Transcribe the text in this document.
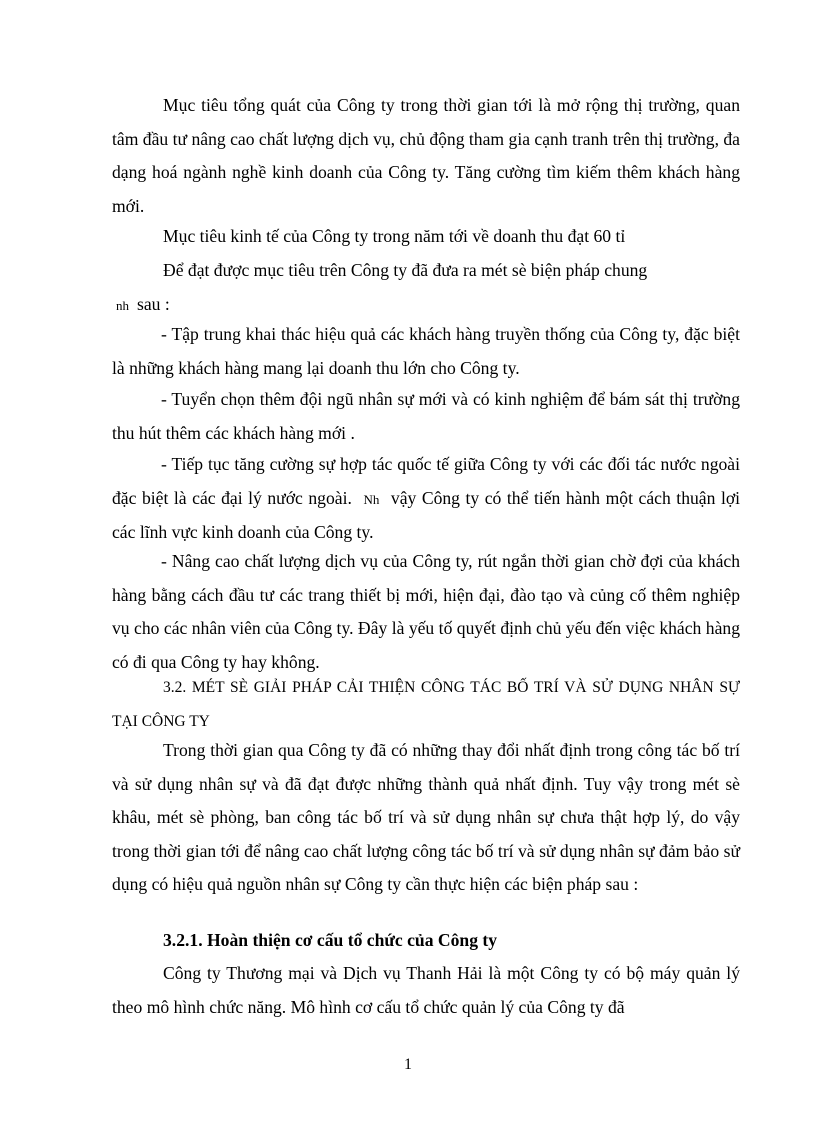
Mục tiêu tổng quát của Công ty trong thời gian tới là mở rộng thị trường, quan tâm đầu tư nâng cao chất lượng dịch vụ, chủ động tham gia cạnh tranh trên thị trường, đa dạng hoá ngành nghề kinh doanh của Công ty. Tăng cường tìm kiếm thêm khách hàng mới.
Mục tiêu kinh tế của Công ty trong năm tới về doanh thu đạt 60 tỉ
Để đạt được mục tiêu trên Công ty đã đưa ra mét sè biện pháp chung
nh sau :
- Tập trung khai thác hiệu quả các khách hàng truyền thống của Công ty, đặc biệt là những khách hàng mang lại doanh thu lớn cho Công ty.
- Tuyển chọn thêm đội ngũ nhân sự mới và có kinh nghiệm để bám sát thị trường thu hút thêm các khách hàng mới .
- Tiếp tục tăng cường sự hợp tác quốc tế giữa Công ty với các đối tác nước ngoài đặc biệt là các đại lý nước ngoài. Nh vậy Công ty có thể tiến hành một cách thuận lợi các lĩnh vực kinh doanh của Công ty.
- Nâng cao chất lượng dịch vụ của Công ty, rút ngắn thời gian chờ đợi của khách hàng bằng cách đầu tư các trang thiết bị mới, hiện đại, đào tạo và củng cố thêm nghiệp vụ cho các nhân viên của Công ty. Đây là yếu tố quyết định chủ yếu đến việc khách hàng có đi qua Công ty hay không.
3.2. MÉT SÈ GIẢI PHÁP CẢI THIỆN CÔNG TÁC BỐ TRÍ VÀ SỬ DỤNG NHÂN SỰ TẠI CÔNG TY
Trong thời gian qua Công ty đã có những thay đổi nhất định trong công tác bố trí và sử dụng nhân sự và đã đạt được những thành quả nhất định. Tuy vậy trong mét sè khâu, mét sè phòng, ban công tác bố trí và sử dụng nhân sự chưa thật hợp lý, do vậy trong thời gian tới để nâng cao chất lượng công tác bố trí và sử dụng nhân sự đảm bảo sử dụng có hiệu quả nguồn nhân sự Công ty cần thực hiện các biện pháp sau :
3.2.1. Hoàn thiện cơ cấu tổ chức của Công ty
Công ty Thương mại và Dịch vụ Thanh Hải là một Công ty có bộ máy quản lý theo mô hình chức năng. Mô hình cơ cấu tổ chức quản lý của Công ty đã
1
